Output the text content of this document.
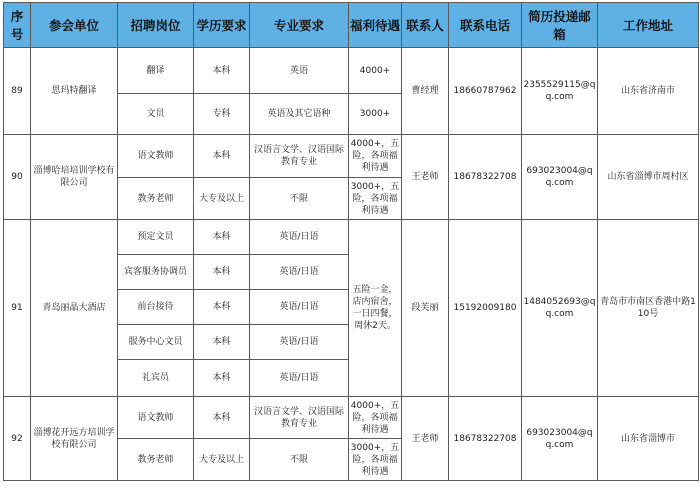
序号	参会单位	招聘岗位	学历要求	专业要求	福利待遇	联系人	联系电话	简历投递邮箱	工作地址
89	思玛特翻译	翻译	本科	英语	4000+	曹经理	18660787962	2355529115@qq.com	山东省济南市
		文员	专科	英语及其它语种	3000+				
90	淄博哈培培训学校有限公司	语文教师	本科	汉语言文学、汉语国际教育专业	4000+，五险，各项福利待遇	王老师	18678322708	693023004@qq.com	山东省淄博市周村区
		教务老师	大专及以上	不限	3000+，五险，各项福利待遇				
91	青岛丽晶大酒店	预定文员	本科	英语/日语	五险一金，店内宿舍，一日四餐，周休2天。	段芙丽	15192009180	1484052693@qq.com	青岛市市南区香港中路110号
		宾客服务协调员	本科	英语/日语					
		前台接待	本科	英语/日语					
		服务中心文员	本科	英语/日语					
		礼宾员	本科	英语/日语					
92	淄博花开远方培训学校有限公司	语文教师	本科	汉语言文学、汉语国际教育专业	4000+，五险，各项福利待遇	王老师	18678322708	693023004@qq.com	山东省淄博市
		教务老师	大专及以上	不限	3000+，五险，各项福利待遇				
